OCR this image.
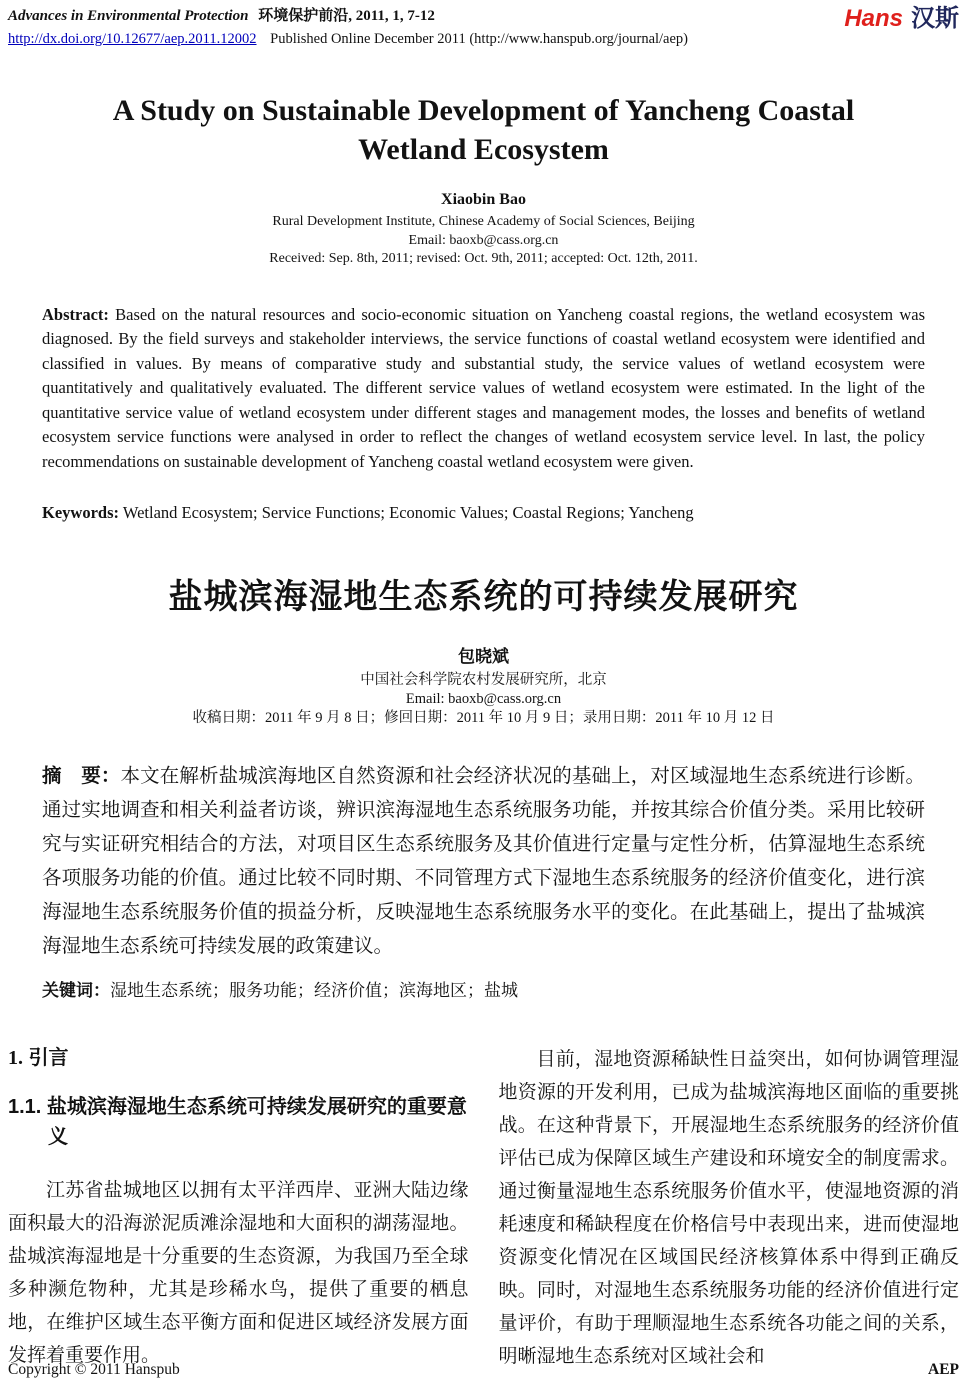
Advances in Environmental Protection 环境保护前沿, 2011, 1, 7-12
http://dx.doi.org/10.12677/aep.2011.12002 Published Online December 2011 (http://www.hanspub.org/journal/aep)
Hans 汉斯
A Study on Sustainable Development of Yancheng Coastal Wetland Ecosystem
Xiaobin Bao
Rural Development Institute, Chinese Academy of Social Sciences, Beijing
Email: baoxb@cass.org.cn
Received: Sep. 8th, 2011; revised: Oct. 9th, 2011; accepted: Oct. 12th, 2011.

Abstract: Based on the natural resources and socio-economic situation on Yancheng coastal regions, the wetland ecosystem was diagnosed. By the field surveys and stakeholder interviews, the service functions of coastal wetland ecosystem were identified and classified in values. By means of comparative study and substantial study, the service values of wetland ecosystem were quantitatively and qualitatively evaluated. The different service values of wetland ecosystem were estimated. In the light of the quantitative service value of wetland ecosystem under different stages and management modes, the losses and benefits of wetland ecosystem service functions were analysed in order to reflect the changes of wetland ecosystem service level. In last, the policy recommendations on sustainable development of Yancheng coastal wetland ecosystem were given.

Keywords: Wetland Ecosystem; Service Functions; Economic Values; Coastal Regions; Yancheng

盐城滨海湿地生态系统的可持续发展研究
包晓斌
中国社会科学院农村发展研究所，北京
Email: baoxb@cass.org.cn
收稿日期：2011 年 9 月 8 日；修回日期：2011 年 10 月 9 日；录用日期：2011 年 10 月 12 日

摘　要：本文在解析盐城滨海地区自然资源和社会经济状况的基础上，对区域湿地生态系统进行诊断。通过实地调查和相关利益者访谈，辨识滨海湿地生态系统服务功能，并按其综合价值分类。采用比较研究与实证研究相结合的方法，对项目区生态系统服务及其价值进行定量与定性分析，估算湿地生态系统各项服务功能的价值。通过比较不同时期、不同管理方式下湿地生态系统服务的经济价值变化，进行滨海湿地生态系统服务价值的损益分析，反映湿地生态系统服务水平的变化。在此基础上，提出了盐城滨海湿地生态系统可持续发展的政策建议。

关键词：湿地生态系统；服务功能；经济价值；滨海地区；盐城

1. 引言
1.1. 盐城滨海湿地生态系统可持续发展研究的重要意义

江苏省盐城地区以拥有太平洋西岸、亚洲大陆边缘面积最大的沿海淤泥质滩涂湿地和大面积的湖荡湿地。盐城滨海湿地是十分重要的生态资源，为我国乃至全球多种濒危物种，尤其是珍稀水鸟，提供了重要的栖息地，在维护区域生态平衡方面和促进区域经济发展方面发挥着重要作用。

目前，湿地资源稀缺性日益突出，如何协调管理湿地资源的开发利用，已成为盐城滨海地区面临的重要挑战。在这种背景下，开展湿地生态系统服务的经济价值评估已成为保障区域生产建设和环境安全的制度需求。通过衡量湿地生态系统服务价值水平，使湿地资源的消耗速度和稀缺程度在价格信号中表现出来，进而使湿地资源变化情况在区域国民经济核算体系中得到正确反映。同时，对湿地生态系统服务功能的经济价值进行定量评价，有助于理顺湿地生态系统各功能之间的关系，明晰湿地生态系统对区域社会和

Copyright © 2011 Hanspub	AEP
